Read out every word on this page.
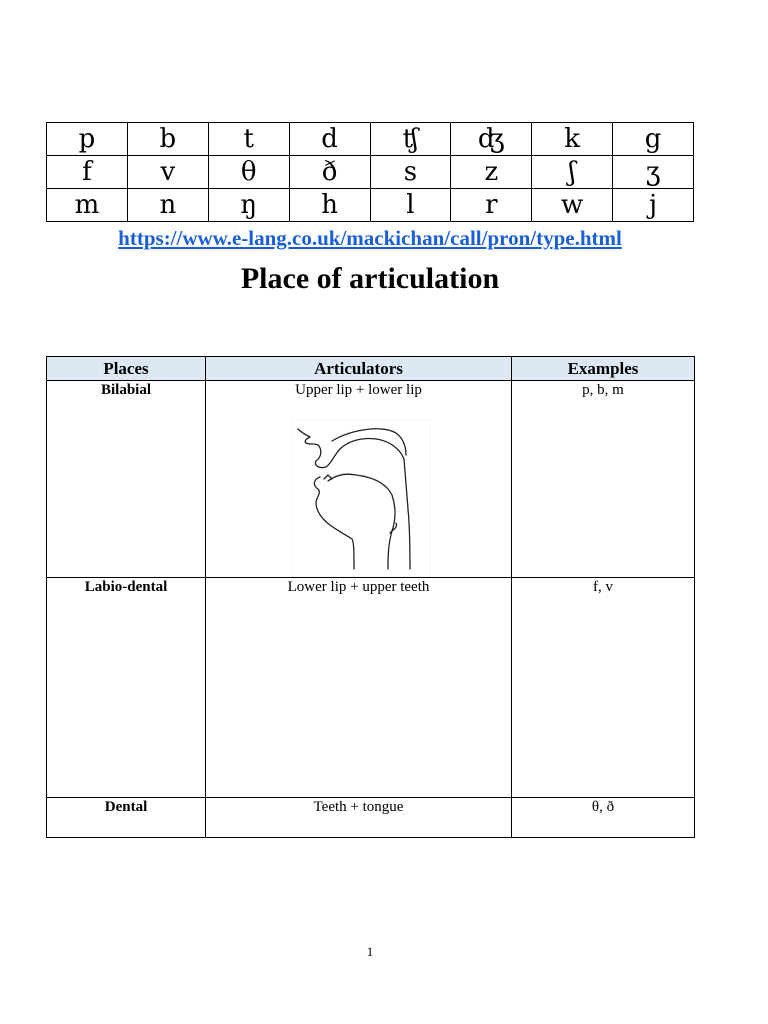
p	b	t	d	ʧ	ʤ	k	g
f	v	θ	ð	s	z	ʃ	ʒ
m	n	ŋ	h	l	r	w	j
https://www.e-lang.co.uk/mackichan/call/pron/type.html
Place of articulation
Places	Articulators	Examples

Bilabial	Upper lip + lower lip	p, b, m

Labio-dental	Lower lip + upper teeth	f, v

Dental	Teeth + tongue	θ, ð
1
